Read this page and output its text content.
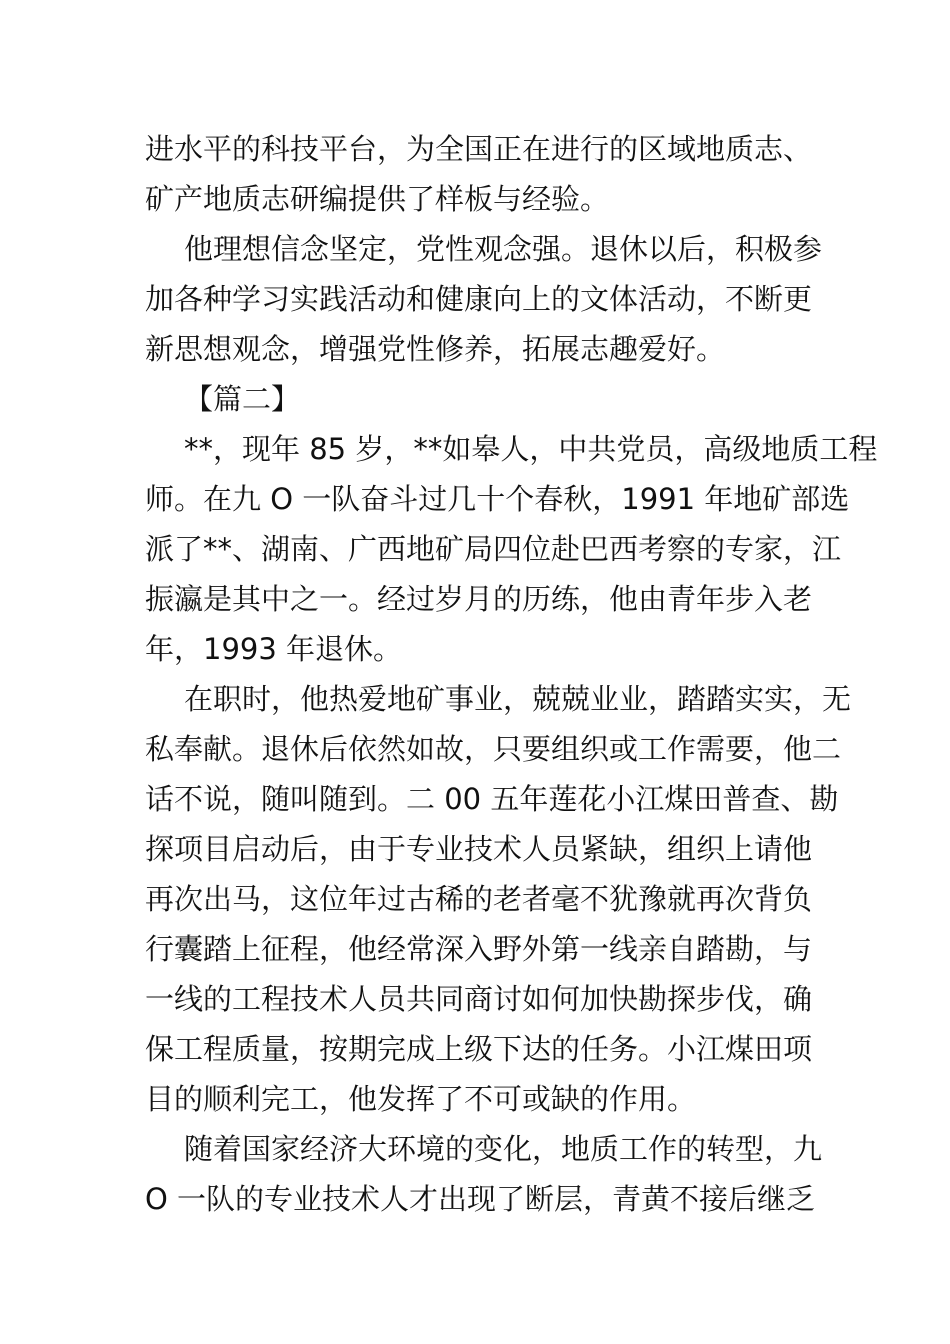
进水平的科技平台，为全国正在进行的区域地质志、
矿产地质志研编提供了样板与经验。
他理想信念坚定，党性观念强。退休以后，积极参
加各种学习实践活动和健康向上的文体活动，不断更
新思想观念，增强党性修养，拓展志趣爱好。
【篇二】
**，现年 85 岁，**如皋人，中共党员，高级地质工程
师。在九 O 一队奋斗过几十个春秋，1991 年地矿部选
派了**、湖南、广西地矿局四位赴巴西考察的专家，江
振瀛是其中之一。经过岁月的历练，他由青年步入老
年，1993 年退休。
在职时，他热爱地矿事业，兢兢业业，踏踏实实，无
私奉献。退休后依然如故，只要组织或工作需要，他二
话不说，随叫随到。二 00 五年莲花小江煤田普查、勘
探项目启动后，由于专业技术人员紧缺，组织上请他
再次出马，这位年过古稀的老者毫不犹豫就再次背负
行囊踏上征程，他经常深入野外第一线亲自踏勘，与
一线的工程技术人员共同商讨如何加快勘探步伐，确
保工程质量，按期完成上级下达的任务。小江煤田项
目的顺利完工，他发挥了不可或缺的作用。
随着国家经济大环境的变化，地质工作的转型，九
O 一队的专业技术人才出现了断层，青黄不接后继乏
